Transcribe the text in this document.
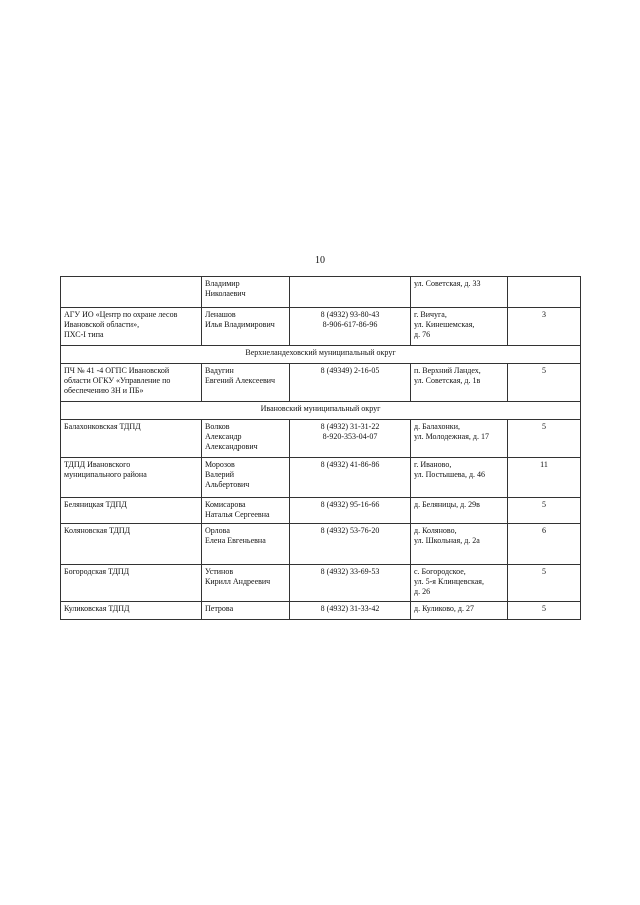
10

	Владимир
Николаевич		ул. Советская, д. 33	

АГУ ИО «Центр по охране лесов
Ивановской области»,
ПХС-I типа	Ленашов
Илья Владимирович	8 (4932) 93-80-43
8-906-617-86-96	г. Вичуга,
ул. Кинешемская,
д. 76	3
Верхнеландеховский муниципальный округ				

ПЧ № 41 -4 ОГПС Ивановской
области ОГКУ «Управление по
обеспечению ЗН и ПБ»	Вадугин
Евгений Алексеевич	8 (49349) 2-16-05	п. Верхний Ландех,
ул. Советская, д. 1в	5
Ивановский муниципальный округ				

Балахонковская ТДПД	Волков
Александр
Александрович	8 (4932) 31-31-22
8-920-353-04-07	д. Балахонки,
ул. Молодежная, д. 17	5

ТДПД Ивановского
муниципального района	Морозов
Валерий
Альбертович	8 (4932) 41-86-86	г. Иваново,
ул. Постышева, д. 46	11

Беляницкая ТДПД	Комисарова
Наталья Сергеевна	8 (4932) 95-16-66	д. Беляницы, д. 29в	5

Коляновская ТДПД	Орлова
Елена Евгеньевна	8 (4932) 53-76-20	д. Коляново,
ул. Школьная, д. 2а	6

Богородская ТДПД	Устинов
Кирилл Андреевич	8 (4932) 33-69-53	с. Богородское,
ул. 5-я Клинцевская,
д. 26	5

Куликовская ТДПД	Петрова	8 (4932) 31-33-42	д. Куликово, д. 27	5
